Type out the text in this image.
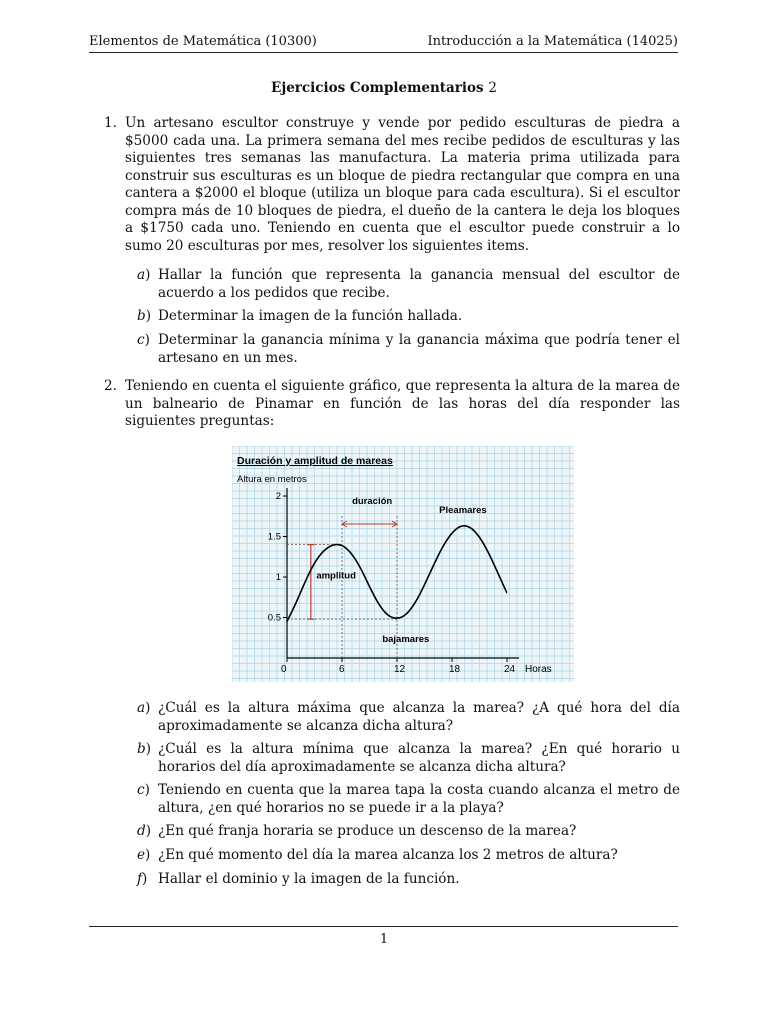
Elementos de Matemática (10300)	Introducción a la Matemática (14025)
Ejercicios Complementarios 2
1. Un artesano escultor construye y vende por pedido esculturas de piedra a $5000 cada una. La primera semana del mes recibe pedidos de esculturas y las siguientes tres semanas las manufactura. La materia prima utilizada para construir sus esculturas es un bloque de piedra rectangular que compra en una cantera a $2000 el bloque (utiliza un bloque para cada escultura). Si el escultor compra más de 10 bloques de piedra, el dueño de la cantera le deja los bloques a $1750 cada uno. Teniendo en cuenta que el escultor puede construir a lo sumo 20 esculturas por mes, resolver los siguientes items.
a) Hallar la función que representa la ganancia mensual del escultor de acuerdo a los pedidos que recibe.
b) Determinar la imagen de la función hallada.
c) Determinar la ganancia mínima y la ganancia máxima que podría tener el artesano en un mes.
2. Teniendo en cuenta el siguiente gráfico, que representa la altura de la marea de un balneario de Pinamar en función de las horas del día responder las siguientes preguntas:
Duración y amplitud de mareas
Altura en metros
0	6	12	18	24
0.5
1
1.5
2	duración
Pleamares
amplitud
bajamares
Horas
a) ¿Cuál es la altura máxima que alcanza la marea? ¿A qué hora del día aproximadamente se alcanza dicha altura?
b) ¿Cuál es la altura mínima que alcanza la marea? ¿En qué horario u horarios del día aproximadamente se alcanza dicha altura?
c) Teniendo en cuenta que la marea tapa la costa cuando alcanza el metro de altura, ¿en qué horarios no se puede ir a la playa?
d) ¿En qué franja horaria se produce un descenso de la marea?
e) ¿En qué momento del día la marea alcanza los 2 metros de altura?
f) Hallar el dominio y la imagen de la función.
1
